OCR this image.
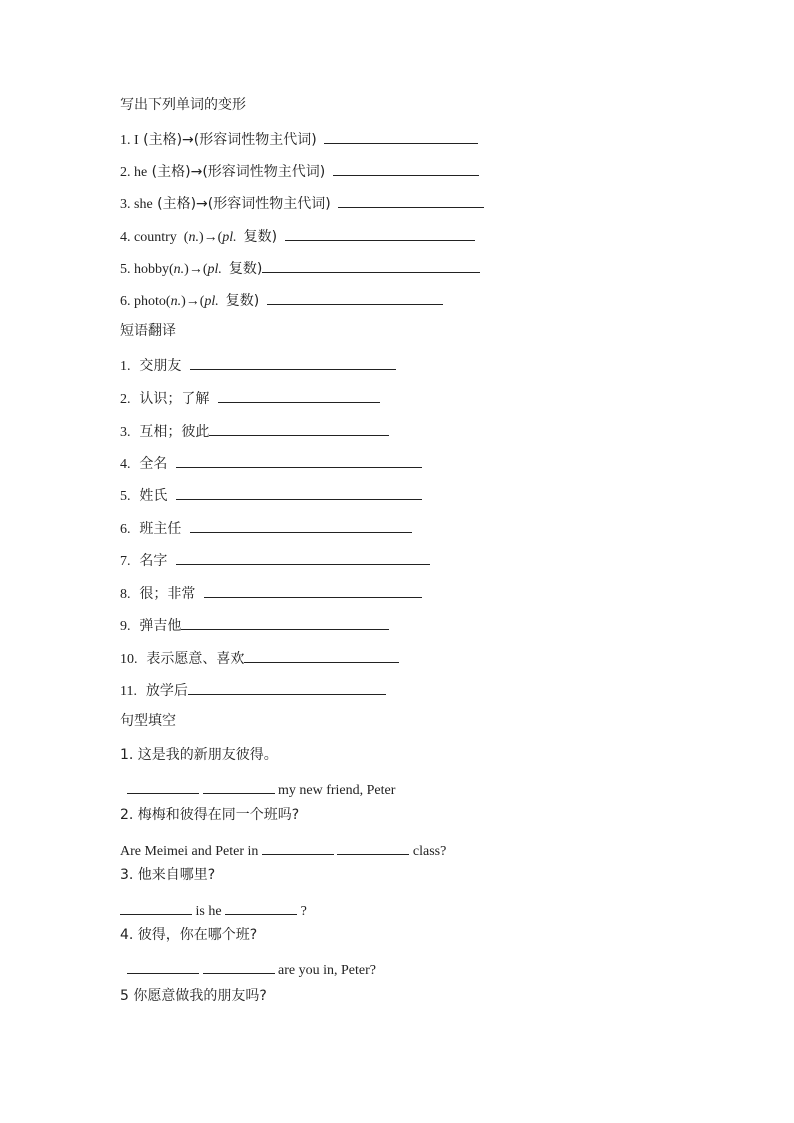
写出下列单词的变形
1. I (主格)→(形容词性物主代词)
2. he (主格)→(形容词性物主代词)
3. she (主格)→(形容词性物主代词)
4. country  (n.)→(pl. 复数)
5. hobby(n.)→(pl. 复数)
6. photo(n.)→(pl. 复数)
短语翻译
1. 交朋友
2. 认识；了解
3. 互相；彼此
4. 全名
5. 姓氏
6. 班主任
7. 名字
8. 很；非常
9. 弹吉他
10. 表示愿意、喜欢
11. 放学后
句型填空
1. 这是我的新朋友彼得。
my new friend, Peter
2. 梅梅和彼得在同一个班吗?
Are Meimei and Peter in	class?
3. 他来自哪里?
is he	?
4. 彼得，你在哪个班?
are you in, Peter?
5 你愿意做我的朋友吗?
